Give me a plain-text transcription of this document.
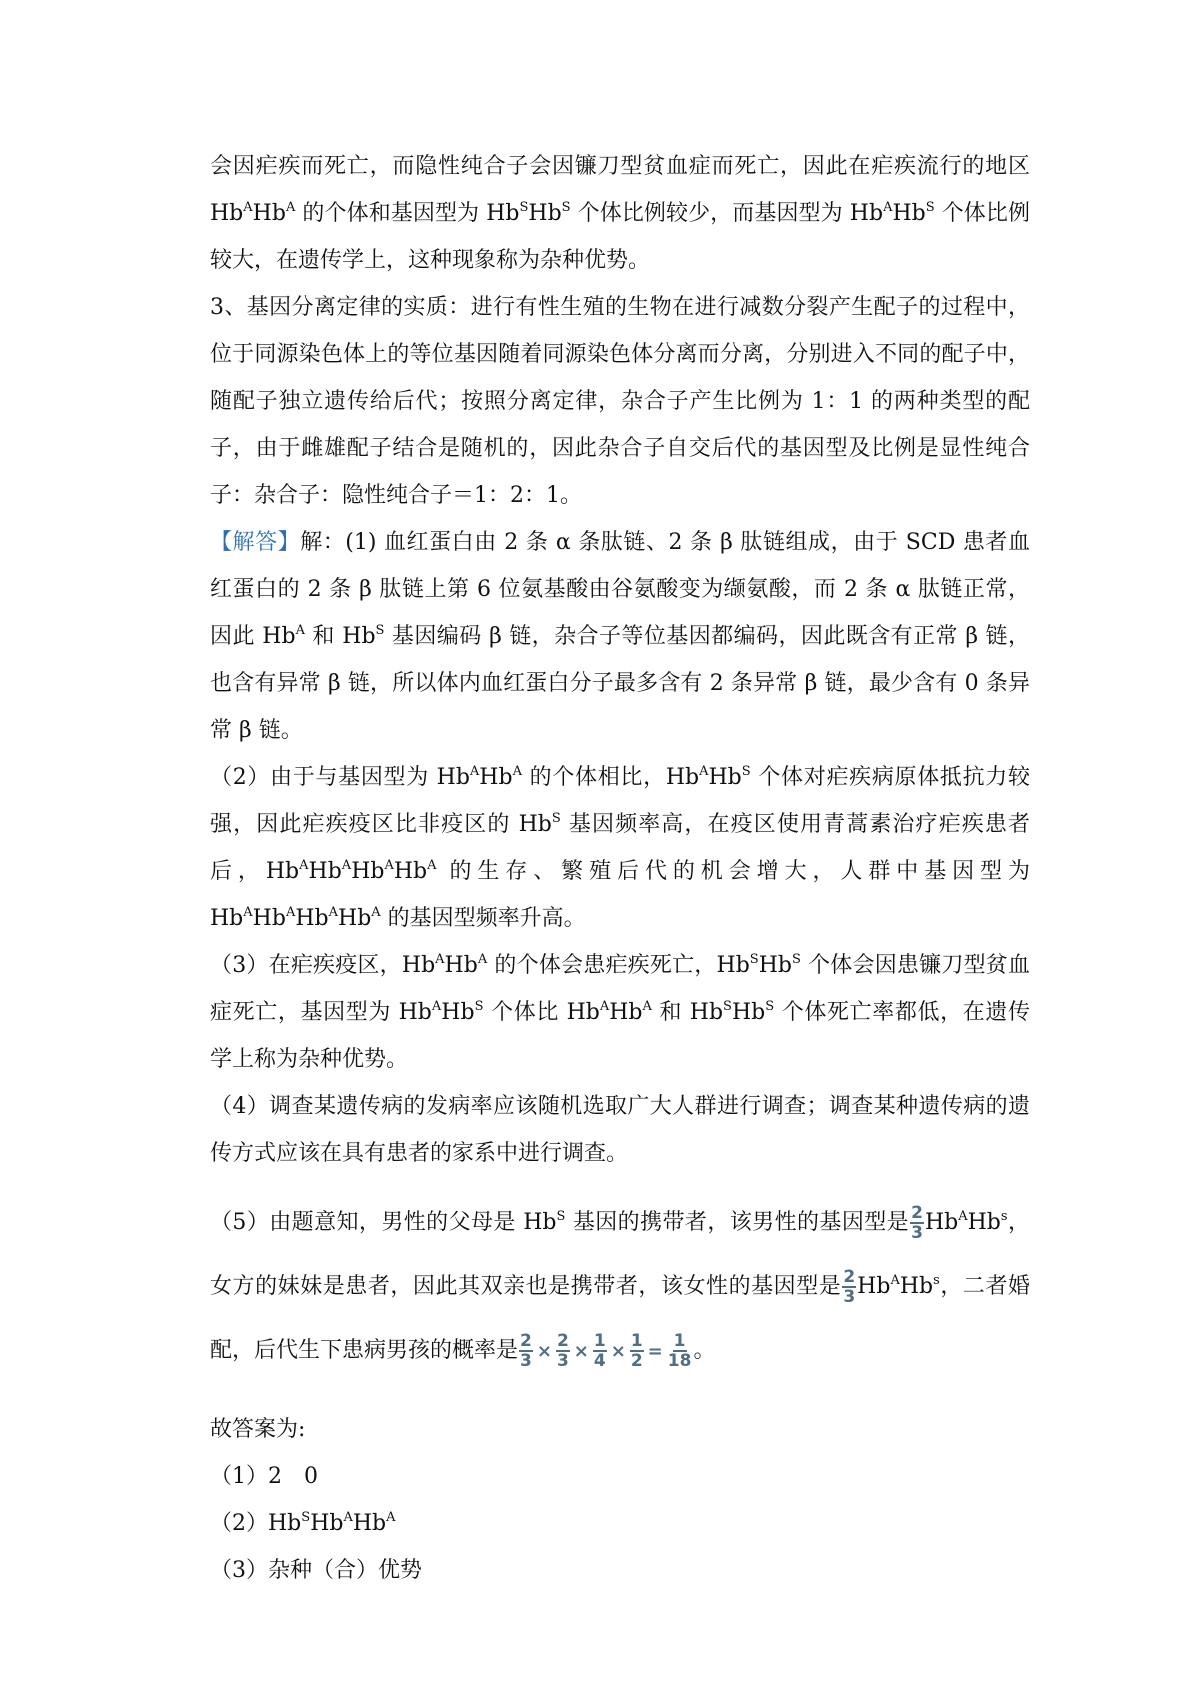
会因疟疾而死亡，而隐性纯合子会因镰刀型贫血症而死亡，因此在疟疾流行的地区$Hb^AHb^A$ 的个体和基因型为 $Hb^SHb^S$ 个体比例较少，而基因型为 $Hb^AHb^S$ 个体比例较大，在遗传学上，这种现象称为杂种优势。

3、基因分离定律的实质：进行有性生殖的生物在进行减数分裂产生配子的过程中，位于同源染色体上的等位基因随着同源染色体分离而分离，分别进入不同的配子中，随配子独立遗传给后代；按照分离定律，杂合子产生比例为 1：1 的两种类型的配子，由于雌雄配子结合是随机的，因此杂合子自交后代的基因型及比例是显性纯合子：杂合子：隐性纯合子＝1：2：1。

【解答】解：(1) 血红蛋白由 2 条 α 条肽链、2 条 β 肽链组成，由于 SCD 患者血红蛋白的 2 条 β 肽链上第 6 位氨基酸由谷氨酸变为缬氨酸，而 2 条 α 肽链正常，因此 $Hb^A$ 和 $Hb^S$ 基因编码 β 链，杂合子等位基因都编码，因此既含有正常 β 链，也含有异常 β 链，所以体内血红蛋白分子最多含有 2 条异常 β 链，最少含有 0 条异常 β 链。

（2）由于与基因型为 $Hb^AHb^A$ 的个体相比，$Hb^AHb^S$ 个体对疟疾病原体抵抗力较强，因此疟疾疫区比非疫区的 $Hb^S$ 基因频率高，在疫区使用青蒿素治疗疟疾患者后，$Hb^AHb^AHb^AHb^A$ 的生存、繁殖后代的机会增大，人群中基因型为 $Hb^AHb^AHb^AHb^A$ 的基因型频率升高。

（3）在疟疾疫区，$Hb^AHb^A$ 的个体会患疟疾死亡，$Hb^SHb^S$ 个体会因患镰刀型贫血症死亡，基因型为 $Hb^AHb^S$ 个体比 $Hb^AHb^A$ 和 $Hb^SHb^S$ 个体死亡率都低，在遗传学上称为杂种优势。

（4）调查某遗传病的发病率应该随机选取广大人群进行调查；调查某种遗传病的遗传方式应该在具有患者的家系中进行调查。

（5）由题意知，男性的父母是 $Hb^S$ 基因的携带者，该男性的基因型是 $\frac{2}{3} Hb^AHb^s$，女方的妹妹是患者，因此其双亲也是携带者，该女性的基因型是 $\frac{2}{3} Hb^AHb^s$，二者婚配，后代生下患病男孩的概率是 $\frac{2}{3} \times \frac{2}{3} \times \frac{1}{4} \times \frac{1}{2} = \frac{1}{18}$ 。

故答案为:

（1）2　0

$(2)Hb^SHb^AHb^A$

（3）杂种（合）优势
